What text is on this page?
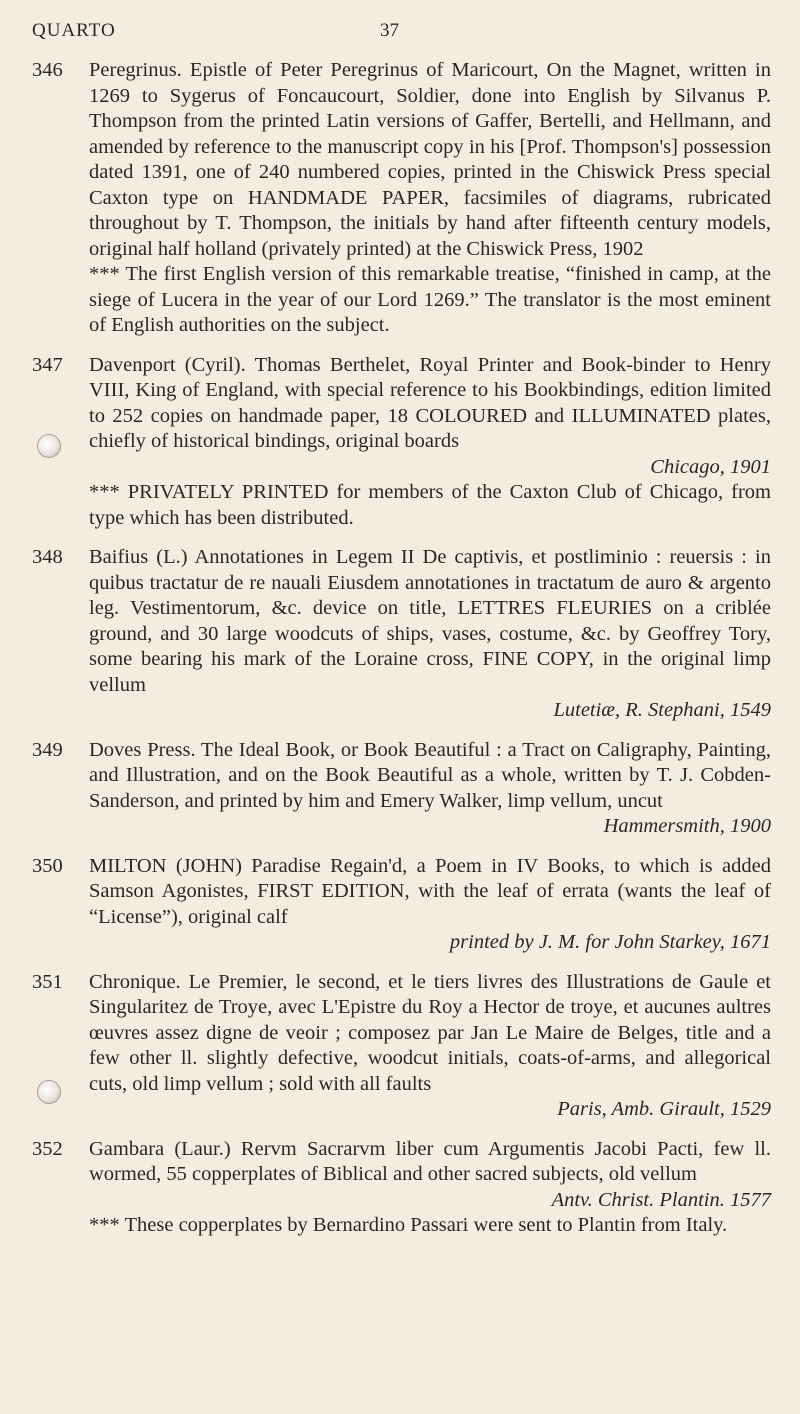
QUARTO	37
346 Peregrinus. Epistle of Peter Peregrinus of Maricourt, On the Magnet, written in 1269 to Sygerus of Foncaucourt, Soldier, done into English by Silvanus P. Thompson from the printed Latin versions of Gaffer, Bertelli, and Hellmann, and amended by reference to the manuscript copy in his [Prof. Thompson's] possession dated 1391, one of 240 numbered copies, printed in the Chiswick Press special Caxton type on HANDMADE PAPER, facsimiles of diagrams, rubricated throughout by T. Thompson, the initials by hand after fifteenth century models, original half holland (privately printed) at the Chiswick Press, 1902
*** The first English version of this remarkable treatise, “finished in camp, at the siege of Lucera in the year of our Lord 1269.” The translator is the most eminent of English authorities on the subject.
347 Davenport (Cyril). Thomas Berthelet, Royal Printer and Book-binder to Henry VIII, King of England, with special reference to his Bookbindings, edition limited to 252 copies on handmade paper, 18 COLOURED and ILLUMINATED plates, chiefly of historical bindings, original boards
Chicago, 1901
*** PRIVATELY PRINTED for members of the Caxton Club of Chicago, from type which has been distributed.
348 Baifius (L.) Annotationes in Legem II De captivis, et postliminio : reuersis : in quibus tractatur de re nauali Eiusdem annotationes in tractatum de auro & argento leg. Vestimentorum, &c. device on title, LETTRES FLEURIES on a criblée ground, and 30 large woodcuts of ships, vases, costume, &c. by Geoffrey Tory, some bearing his mark of the Loraine cross, FINE COPY, in the original limp vellum
Lutetiæ, R. Stephani, 1549
349 Doves Press. The Ideal Book, or Book Beautiful : a Tract on Caligraphy, Painting, and Illustration, and on the Book Beautiful as a whole, written by T. J. Cobden-Sanderson, and printed by him and Emery Walker, limp vellum, uncut
Hammersmith, 1900
350 MILTON (JOHN) Paradise Regain'd, a Poem in IV Books, to which is added Samson Agonistes, FIRST EDITION, with the leaf of errata (wants the leaf of “License”), original calf
printed by J. M. for John Starkey, 1671
351 Chronique. Le Premier, le second, et le tiers livres des Illustrations de Gaule et Singularitez de Troye, avec L'Epistre du Roy a Hector de troye, et aucunes aultres œuvres assez digne de veoir ; composez par Jan Le Maire de Belges, title and a few other ll. slightly defective, woodcut initials, coats-of-arms, and allegorical cuts, old limp vellum ; sold with all faults
Paris, Amb. Girault, 1529
352 Gambara (Laur.) Rervm Sacrarvm liber cum Argumentis Jacobi Pacti, few ll. wormed, 55 copperplates of Biblical and other sacred subjects, old vellum
Antv. Christ. Plantin. 1577
*** These copperplates by Bernardino Passari were sent to Plantin from Italy.
